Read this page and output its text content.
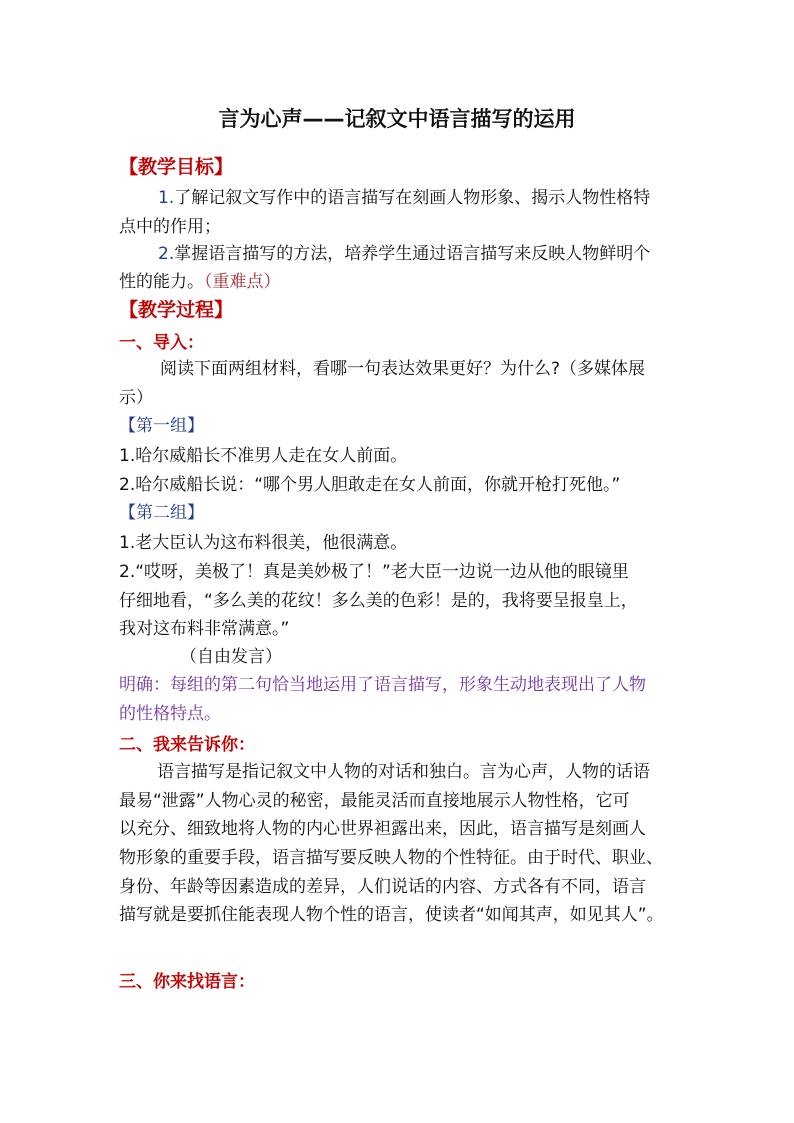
言为心声——记叙文中语言描写的运用
【教学目标】
1.了解记叙文写作中的语言描写在刻画人物形象、揭示人物性格特
点中的作用；
2.掌握语言描写的方法，培养学生通过语言描写来反映人物鲜明个
性的能力。（重难点）
【教学过程】
一、导入：
阅读下面两组材料，看哪一句表达效果更好？为什么?（多媒体展
示）
【第一组】
1.哈尔威船长不准男人走在女人前面。
2.哈尔威船长说：“哪个男人胆敢走在女人前面，你就开枪打死他。”
【第二组】
1.老大臣认为这布料很美，他很满意。
2.“哎呀，美极了！真是美妙极了！”老大臣一边说一边从他的眼镜里
仔细地看，“多么美的花纹！多么美的色彩！是的，我将要呈报皇上，
我对这布料非常满意。”
（自由发言）
明确：每组的第二句恰当地运用了语言描写，形象生动地表现出了人物
的性格特点。
二、我来告诉你：
语言描写是指记叙文中人物的对话和独白。言为心声，人物的话语
最易“泄露”人物心灵的秘密，最能灵活而直接地展示人物性格，它可
以充分、细致地将人物的内心世界袒露出来，因此，语言描写是刻画人
物形象的重要手段，语言描写要反映人物的个性特征。由于时代、职业、
身份、年龄等因素造成的差异，人们说话的内容、方式各有不同，语言
描写就是要抓住能表现人物个性的语言，使读者“如闻其声，如见其人”。
三、你来找语言：
